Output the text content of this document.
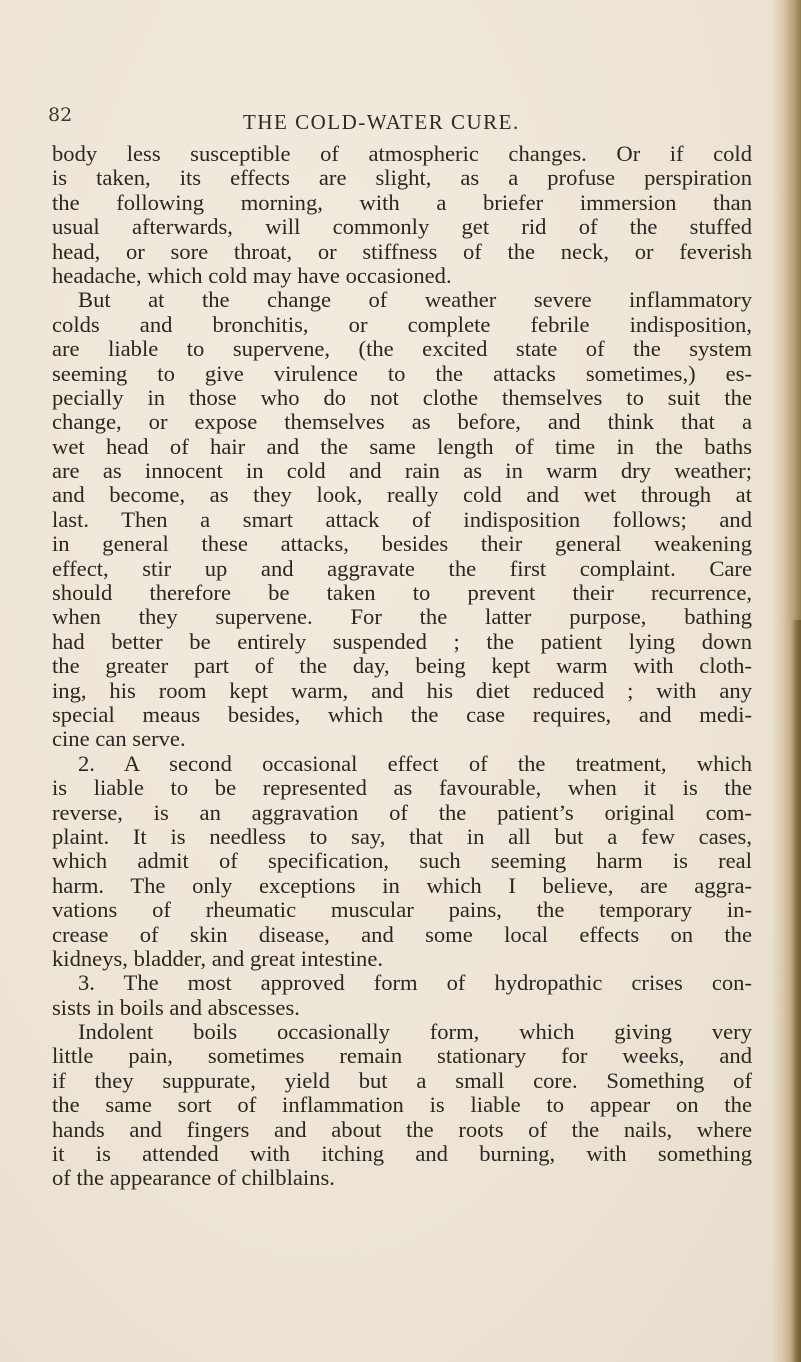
82	THE COLD-WATER CURE.
body less susceptible of atmospheric changes. Or if cold
is taken, its effects are slight, as a profuse perspiration
the following morning, with a briefer immersion than
usual afterwards, will commonly get rid of the stuffed
head, or sore throat, or stiffness of the neck, or feverish
headache, which cold may have occasioned.
But at the change of weather severe inflammatory
colds and bronchitis, or complete febrile indisposition,
are liable to supervene, (the excited state of the system
seeming to give virulence to the attacks sometimes,) es-
pecially in those who do not clothe themselves to suit the
change, or expose themselves as before, and think that a
wet head of hair and the same length of time in the baths
are as innocent in cold and rain as in warm dry weather;
and become, as they look, really cold and wet through at
last. Then a smart attack of indisposition follows; and
in general these attacks, besides their general weakening
effect, stir up and aggravate the first complaint. Care
should therefore be taken to prevent their recurrence,
when they supervene. For the latter purpose, bathing
had better be entirely suspended ; the patient lying down
the greater part of the day, being kept warm with cloth-
ing, his room kept warm, and his diet reduced ; with any
special meaus besides, which the case requires, and medi-
cine can serve.
2. A second occasional effect of the treatment, which
is liable to be represented as favourable, when it is the
reverse, is an aggravation of the patient’s original com-
plaint. It is needless to say, that in all but a few cases,
which admit of specification, such seeming harm is real
harm. The only exceptions in which I believe, are aggra-
vations of rheumatic muscular pains, the temporary in-
crease of skin disease, and some local effects on the
kidneys, bladder, and great intestine.
3. The most approved form of hydropathic crises con-
sists in boils and abscesses.
Indolent boils occasionally form, which giving very
little pain, sometimes remain stationary for weeks, and
if they suppurate, yield but a small core. Something of
the same sort of inflammation is liable to appear on the
hands and fingers and about the roots of the nails, where
it is attended with itching and burning, with something
of the appearance of chilblains.
